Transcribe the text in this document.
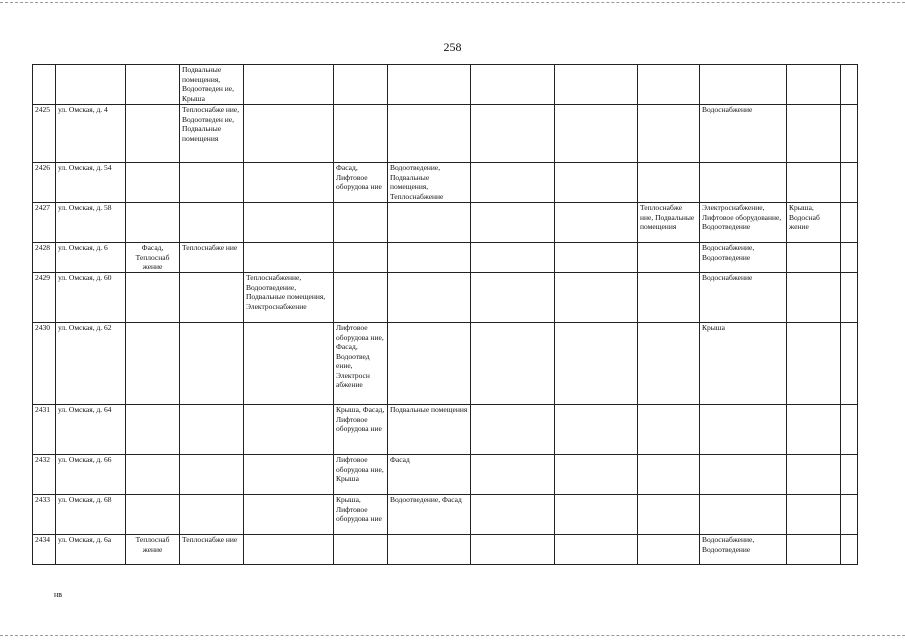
258
			Подвальные помещения, Водоотведен ие, Крыша									
2425	ул. Омская, д. 4		Теплоснабже ние, Водоотведен ие, Подвальные помещения							Водоснабжение		
2426	ул. Омская, д. 54				Фасад, Лифтовое оборудова ние	Водоотведение, Подвальные помещения, Теплоснабжение						
2427	ул. Омская, д. 58								Теплоснабже ние, Подвальные помещения	Электроснабжение, Лифтовое оборудование, Водоотведение	Крыша, Водоснаб жение	
2428	ул. Омская, д. 6	Фасад, Теплоснаб жение	Теплоснабже ние							Водоснабжение, Водоотведение		
2429	ул. Омская, д. 60			Теплоснабжение, Водоотведение, Подвальные помещения, Электроснабжение						Водоснабжение		
2430	ул. Омская, д. 62				Лифтовое оборудова ние, Фасад, Водоотвед ение, Электросн абжение					Крыша		
2431	ул. Омская, д. 64				Крыша, Фасад, Лифтовое оборудова ние	Подвальные помещения						
2432	ул. Омская, д. 66				Лифтовое оборудова ние, Крыша	Фасад						
2433	ул. Омская, д. 68				Крыша, Лифтовое оборудова ние	Водоотведение, Фасад						
2434	ул. Омская, д. 6а	Теплоснаб жение	Теплоснабже ние							Водоснабжение, Водоотведение		
нв
